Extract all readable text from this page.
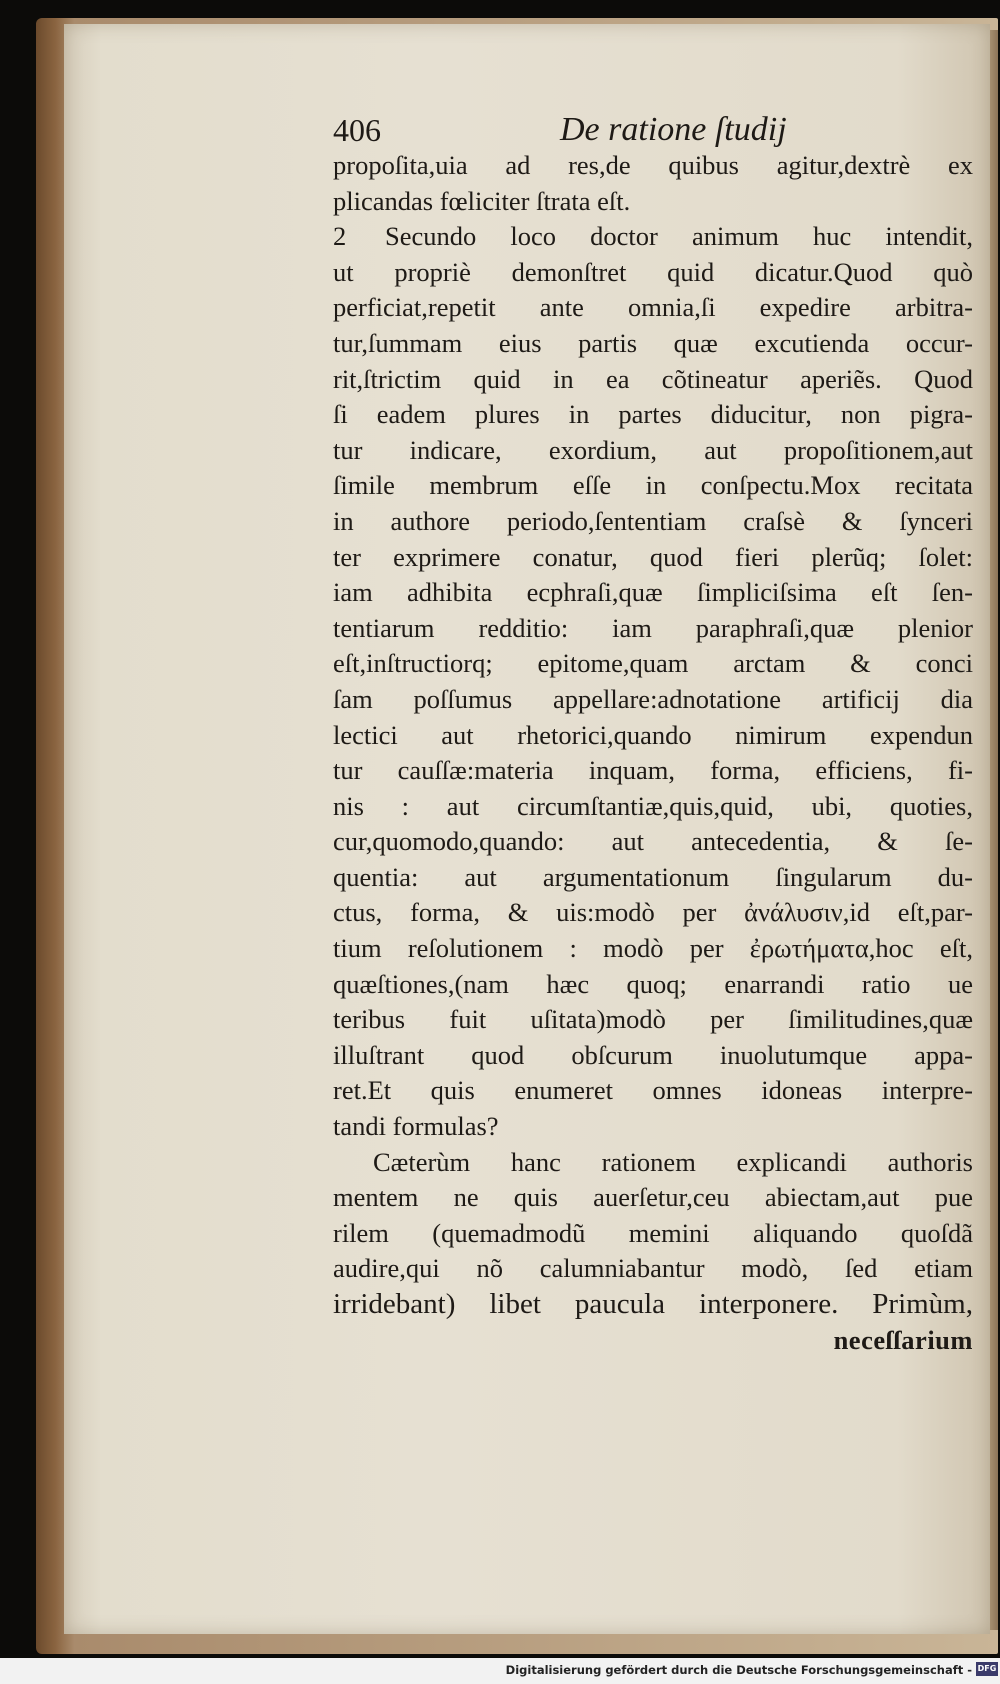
406	De ratione ſtudij
propoſita,uia ad res,de quibus agitur,dextrè ex
plicandas fœliciter ſtrata eſt.
2 Secundo loco doctor animum huc intendit,
ut propriè demonſtret quid dicatur.Quod quò
perficiat,repetit ante omnia,ſi expedire arbitra-
tur,ſummam eius partis quæ excutienda occur-
rit,ſtrictim quid in ea cõtineatur aperiẽs. Quod
ſi eadem plures in partes diducitur, non pigra-
tur indicare, exordium, aut propoſitionem,aut
ſimile membrum eſſe in conſpectu.Mox recitata
in authore periodo,ſententiam craſsè & ſynceri
ter exprimere conatur, quod fieri plerũq; ſolet:
iam adhibita ecphraſi,quæ ſimpliciſsima eſt ſen-
tentiarum redditio: iam paraphraſi,quæ plenior
eſt,inſtructiorq; epitome,quam arctam & conci
ſam poſſumus appellare:adnotatione artificij dia
lectici aut rhetorici,quando nimirum expendun
tur cauſſæ:materia inquam, forma, efficiens, fi-
nis : aut circumſtantiæ,quis,quid, ubi, quoties,
cur,quomodo,quando: aut antecedentia, & ſe-
quentia: aut argumentationum ſingularum du-
ctus, forma, & uis:modò per ἀνάλυσιν,id eſt,par-
tium reſolutionem : modò per ἐρωτήματα,hoc eſt,
quæſtiones,(nam hæc quoq; enarrandi ratio ue
teribus fuit uſitata)modò per ſimilitudines,quæ
illuſtrant quod obſcurum inuolutumque appa-
ret.Et quis enumeret omnes idoneas interpre-
tandi formulas?
Cæterùm hanc rationem explicandi authoris
mentem ne quis auerſetur,ceu abiectam,aut pue
rilem (quemadmodũ memini aliquando quoſdã
audire,qui nõ calumniabantur modò, ſed etiam
irridebant) libet paucula interponere. Primùm,
neceſſarium
Digitalisierung gefördert durch die Deutsche Forschungsgemeinschaft - DFG
